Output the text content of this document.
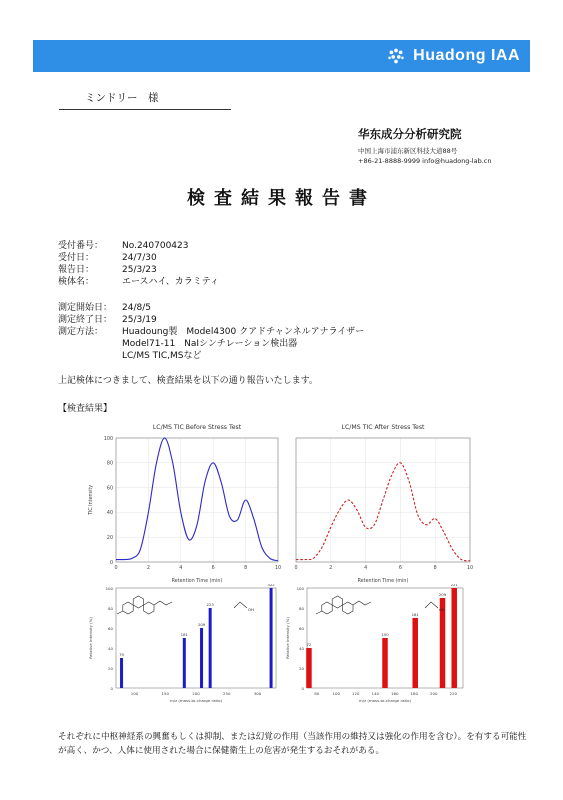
Huadong IAA
ミンドリー　様
华东成分分析研究院
中国上海市浦东新区科技大道88号
+86-21-8888-9999 info@huadong-lab.cn
検査結果報告書
受付番号：	No.240700423
受付日：	24/7/30
報告日：	25/3/23
検体名：	エースハイ、カラミティ
測定開始日：	24/8/5
測定終了日：	25/3/19
測定方法：	Huadoung製　Model4300 クアドチャンネルアナライザー
Model71-11　NaIシンチレーション検出器
LC/MS TIC,MSなど
上記検体につきまして、検査結果を以下の通り報告いたします。
【検査結果】
LC/MS TIC Before Stress Test
0	2	4	6	8	10
0
20
40
60
80
100
Retention Time (min)
TIC Intensity
LC/MS TIC After Stress Test
0	2	4	6	8	10
Retention Time (min)
100	150	200	250	300
0
20
40
60
80
100
m/z (mass-to-charge ratio)
Relative Intensity (%)	79
181
209
223
322
OH
80	100	120	140	160	180	200	220
0
20
40
60
80
100
m/z (mass-to-charge ratio)
Relative Intensity (%)	72
150
181
209
221
OH
それぞれに中枢神経系の興奮もしくは抑制、または幻覚の作用（当該作用の維持又は強化の作用を含む）。を有する可能性が高く、かつ、人体に使用された場合に保健衛生上の危害が発生するおそれがある。
